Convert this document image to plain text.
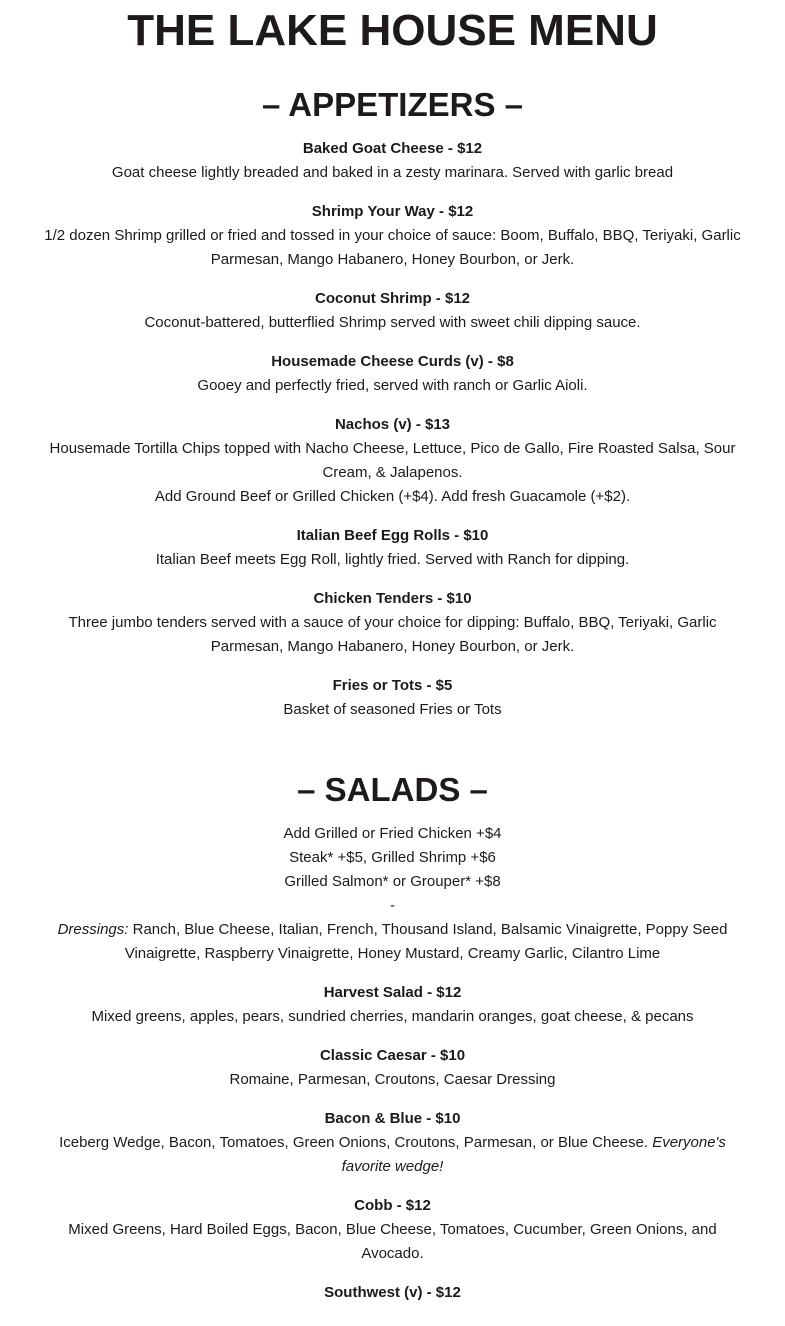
THE LAKE HOUSE MENU
– APPETIZERS –
Baked Goat Cheese - $12
Goat cheese lightly breaded and baked in a zesty marinara. Served with garlic bread
Shrimp Your Way - $12
1/2 dozen Shrimp grilled or fried and tossed in your choice of sauce: Boom, Buffalo, BBQ, Teriyaki, Garlic Parmesan, Mango Habanero, Honey Bourbon, or Jerk.
Coconut Shrimp - $12
Coconut-battered, butterflied Shrimp served with sweet chili dipping sauce.
Housemade Cheese Curds (v) - $8
Gooey and perfectly fried, served with ranch or Garlic Aioli.
Nachos (v) - $13
Housemade Tortilla Chips topped with Nacho Cheese, Lettuce, Pico de Gallo, Fire Roasted Salsa, Sour Cream, & Jalapenos.
Add Ground Beef or Grilled Chicken (+$4). Add fresh Guacamole (+$2).
Italian Beef Egg Rolls - $10
Italian Beef meets Egg Roll, lightly fried. Served with Ranch for dipping.
Chicken Tenders - $10
Three jumbo tenders served with a sauce of your choice for dipping: Buffalo, BBQ, Teriyaki, Garlic Parmesan, Mango Habanero, Honey Bourbon, or Jerk.
Fries or Tots - $5
Basket of seasoned Fries or Tots
– SALADS –
Add Grilled or Fried Chicken +$4
Steak* +$5, Grilled Shrimp +$6
Grilled Salmon* or Grouper* +$8
-
Dressings: Ranch, Blue Cheese, Italian, French, Thousand Island, Balsamic Vinaigrette, Poppy Seed Vinaigrette, Raspberry Vinaigrette, Honey Mustard, Creamy Garlic, Cilantro Lime
Harvest Salad - $12
Mixed greens, apples, pears, sundried cherries, mandarin oranges, goat cheese, & pecans
Classic Caesar - $10
Romaine, Parmesan, Croutons, Caesar Dressing
Bacon & Blue - $10
Iceberg Wedge, Bacon, Tomatoes, Green Onions, Croutons, Parmesan, or Blue Cheese. Everyone's favorite wedge!
Cobb - $12
Mixed Greens, Hard Boiled Eggs, Bacon, Blue Cheese, Tomatoes, Cucumber, Green Onions, and Avocado.
Southwest (v) - $12
